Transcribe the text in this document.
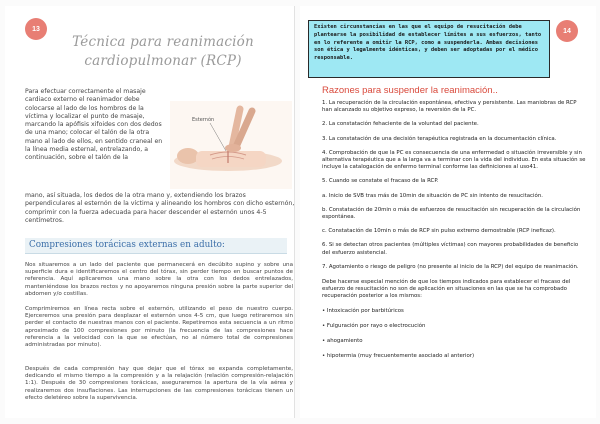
13
Técnica para reanimación cardiopulmonar (RCP)
Esternón
Para efectuar correctamente el masaje cardiaco externo el reanimador debe colocarse al lado de los hombros de la víctima y localizar el punto de masaje, marcando la apófisis xifoides con dos dedos de una mano; colocar el talón de la otra mano al lado de ellos, en sentido craneal en la línea media esternal, entrelazando, a continuación, sobre el talón de la
mano, así situada, los dedos de la otra mano y, extendiendo los brazos perpendiculares al esternón de la víctima y alineando los hombros con dicho esternón, comprimir con la fuerza adecuada para hacer descender el esternón unos 4-5 centímetros.
Compresiones torácicas externas en adulto:
Nos situaremos a un lado del paciente que permanecerá en decúbito supino y sobre una superficie dura e identificaremos el centro del tórax, sin perder tiempo en buscar puntos de referencia. Aquí aplicaremos una mano sobre la otra con los dedos entrelazados, manteniéndose los brazos rectos y no apoyaremos ninguna presión sobre la parte superior del abdomen y/o costillas.
Comprimiremos en línea recta sobre el esternón, utilizando el peso de nuestro cuerpo. Ejerceremos una presión para desplazar el esternón unos 4-5 cm, que luego retiraremos sin perder el contacto de nuestras manos con el paciente. Repetiremos esta secuencia a un ritmo aproximado de 100 compresiones por minuto (la frecuencia de las compresiones hace referencia a la velocidad con la que se efectúan, no al número total de compresiones administradas por minuto).
Después de cada compresión hay que dejar que el tórax se expanda completamente, dedicando el mismo tiempo a la compresión y a la relajación (relación compresión-relajación 1:1). Después de 30 compresiones torácicas, aseguraremos la apertura de la vía aérea y realizaremos dos insuflaciones. Las interrupciones de las compresiones torácicas tienen un efecto deletéreo sobre la supervivencia.
Existen circunstancias en las que el equipo de resucitación debe plantearse la posibilidad de establecer límites a sus esfuerzos, tanto en lo referente a omitir la RCP, como a suspenderla. Ambas decisiones son ética y legalmente idénticas, y deben ser adoptadas por el médico responsable.
14
Razones para suspender la reanimación..
1. La recuperación de la circulación espontánea, efectiva y persistente. Las maniobras de RCP han alcanzado su objetivo expreso, la reversión de la PC.
2. La constatación fehaciente de la voluntad del paciente.
3. La constatación de una decisión terapéutica registrada en la documentación clínica.
4. Comprobación de que la PC es consecuencia de una enfermedad o situación irreversible y sin alternativa terapéutica que a la larga va a terminar con la vida del individuo. En esta situación se incluye la catalogación de enfermo terminal conforme las definiciones al uso41.
5. Cuando se constate el fracaso de la RCP.
a. Inicio de SVB tras más de 10min de situación de PC sin intento de resucitación.
b. Constatación de 20min o más de esfuerzos de resucitación sin recuperación de la circulación espontánea.
c. Constatación de 10min o más de RCP sin pulso extremo demostrable (RCP ineficaz).
6. Si se detectan otros pacientes (múltiples víctimas) con mayores probabilidades de beneficio del esfuerzo asistencial.
7. Agotamiento o riesgo de peligro (no presente al inicio de la RCP) del equipo de reanimación.
Debe hacerse especial mención de que los tiempos indicados para establecer el fracaso del esfuerzo de resucitación no son de aplicación en situaciones en las que se ha comprobado recuperación posterior a los mismos:
• Intoxicación por barbitúricos
• Fulguración por rayo o electrocución
• ahogamiento
• hipotermia (muy frecuentemente asociado al anterior)
